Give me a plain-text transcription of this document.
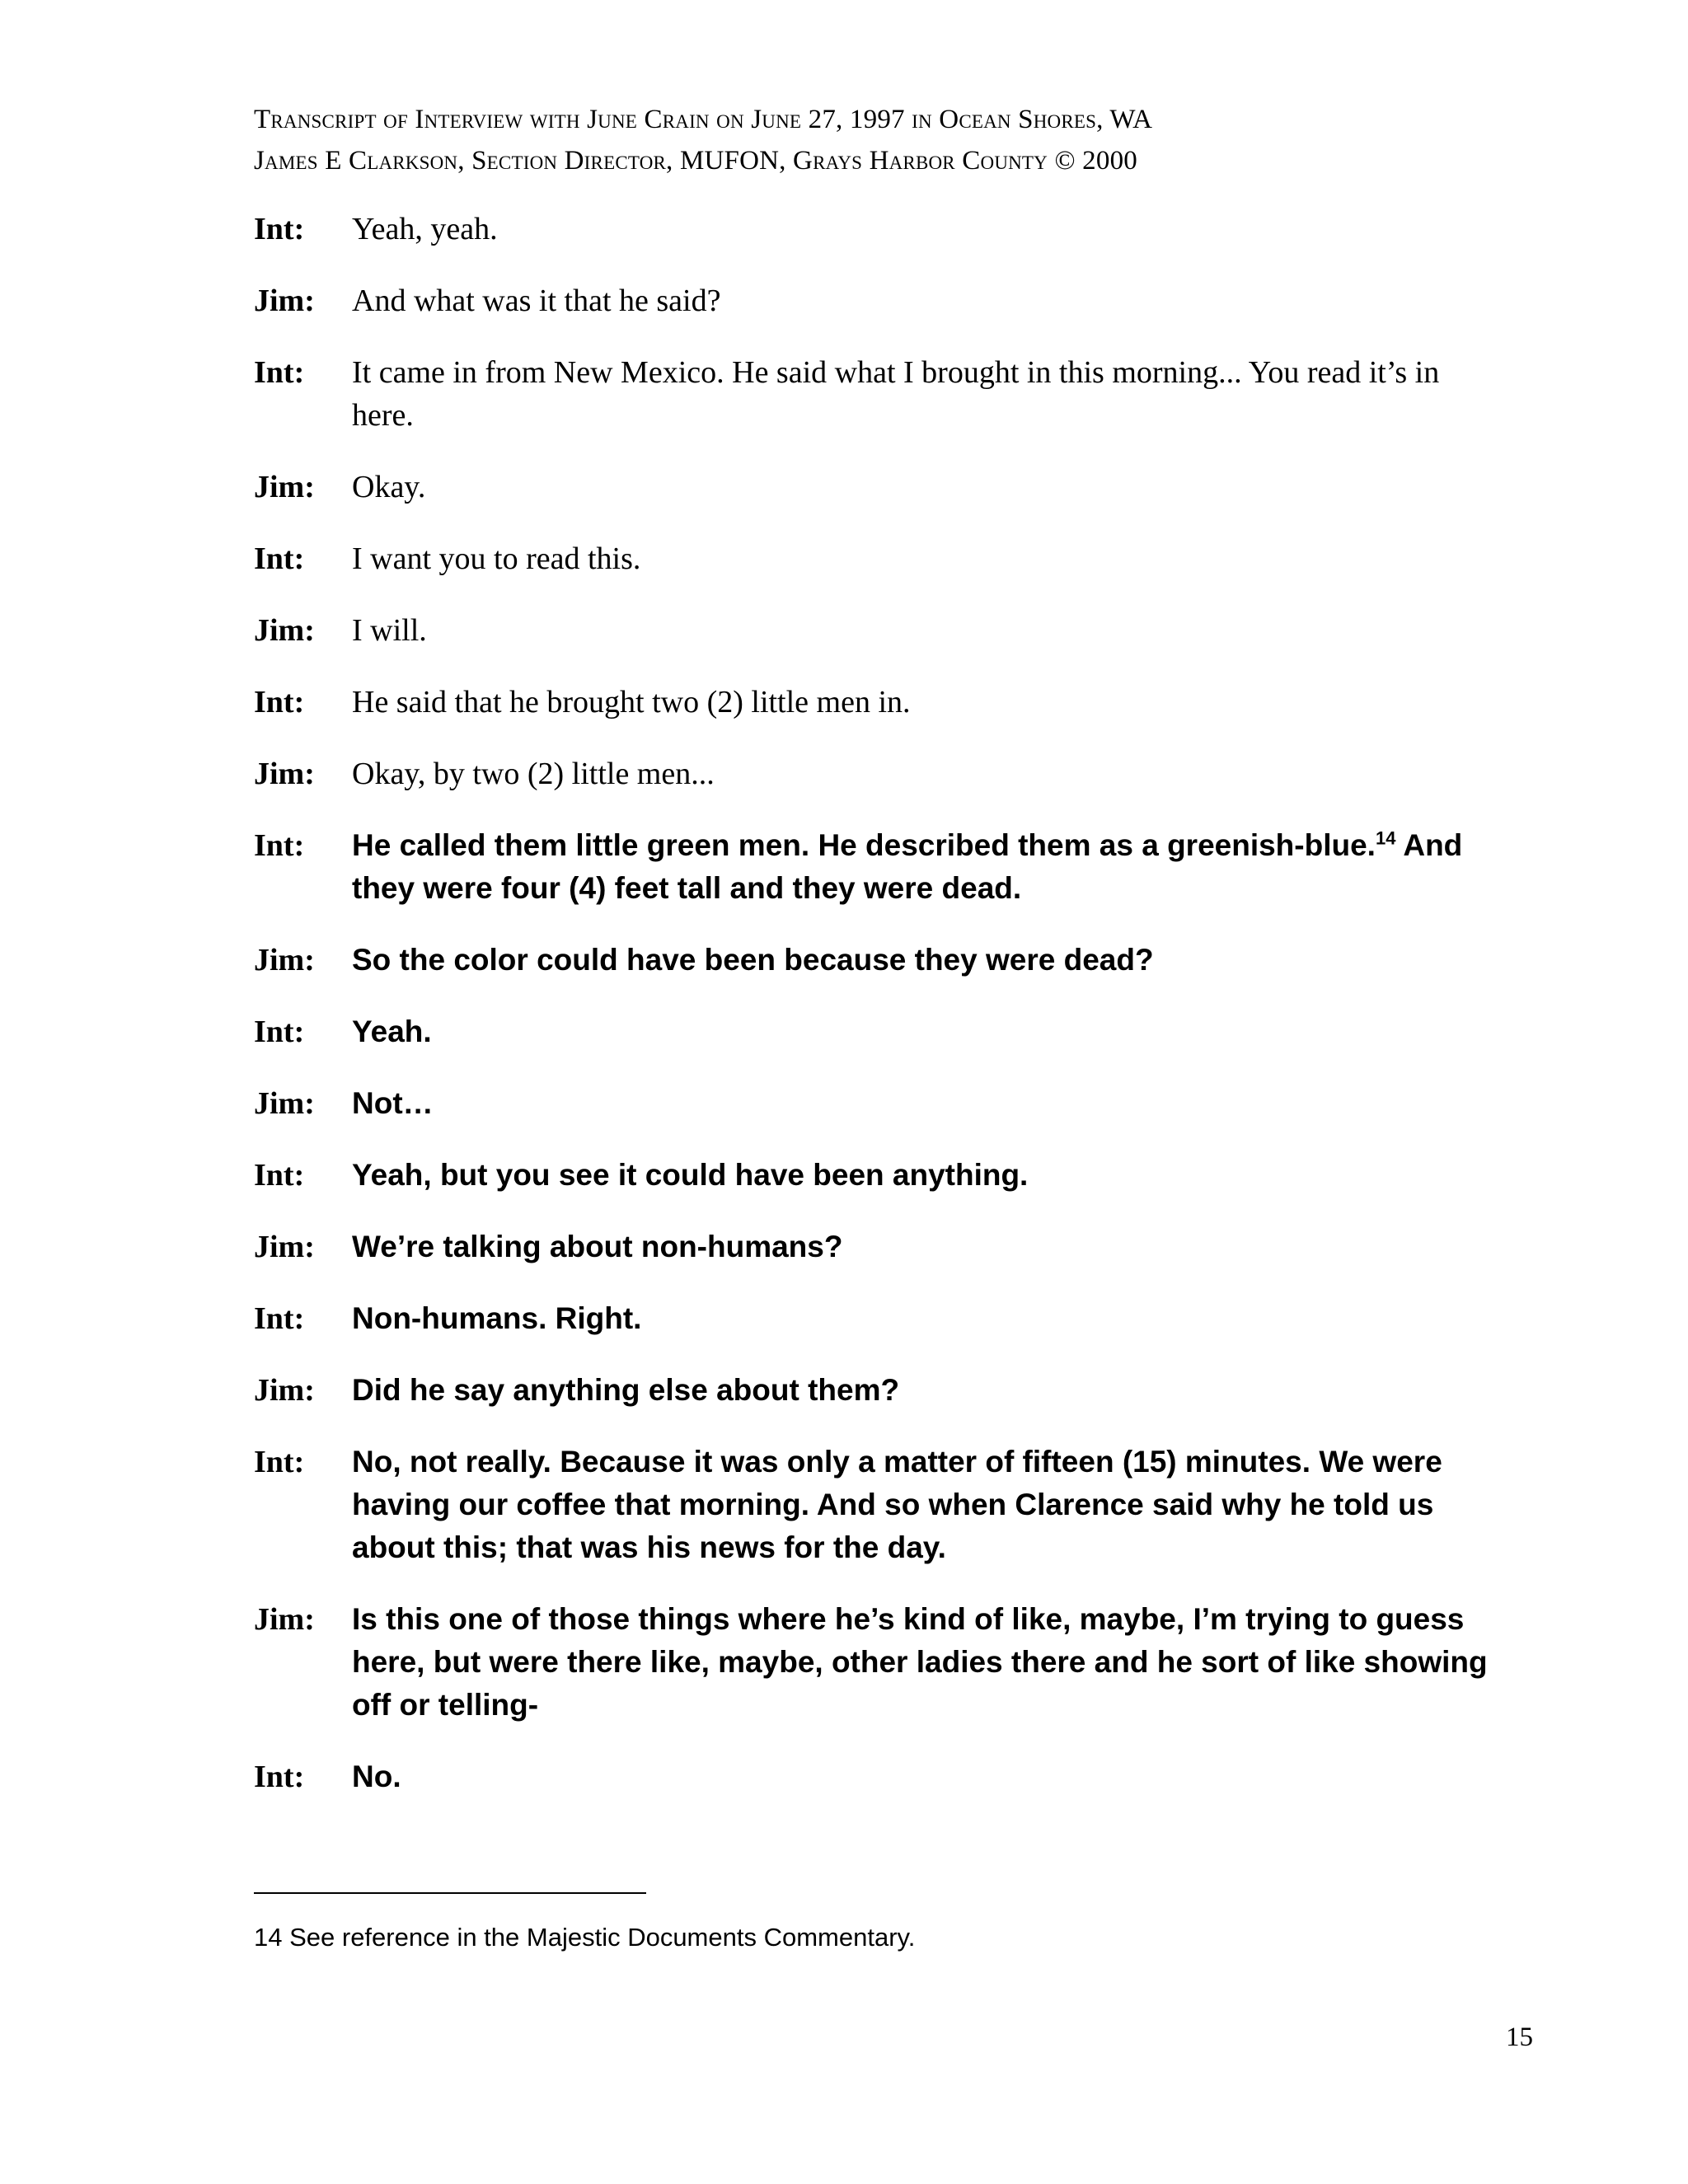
Transcript of Interview with June Crain on June 27, 1997 in Ocean Shores, WA
James E Clarkson, Section Director, MUFON, Grays Harbor County © 2000
Int:	Yeah, yeah.
Jim:	And what was it that he said?
Int:	It came in from New Mexico. He said what I brought in this morning... You read it’s in here.
Jim:	Okay.
Int:	I want you to read this.
Jim:	I will.
Int:	He said that he brought two (2) little men in.
Jim:	Okay, by two (2) little men...
Int:	He called them little green men. He described them as a greenish-blue.$^{14}$ And they were four (4) feet tall and they were dead.
Jim:	So the color could have been because they were dead?
Int:	Yeah.
Jim:	Not…
Int:	Yeah, but you see it could have been anything.
Jim:	We’re talking about non-humans?
Int:	Non-humans. Right.
Jim:	Did he say anything else about them?
Int:	No, not really. Because it was only a matter of fifteen (15) minutes. We were having our coffee that morning. And so when Clarence said why he told us about this; that was his news for the day.
Jim:	Is this one of those things where he’s kind of like, maybe, I’m trying to guess here, but were there like, maybe, other ladies there and he sort of like showing off or telling-
Int:	No.
14 See reference in the Majestic Documents Commentary.
15
